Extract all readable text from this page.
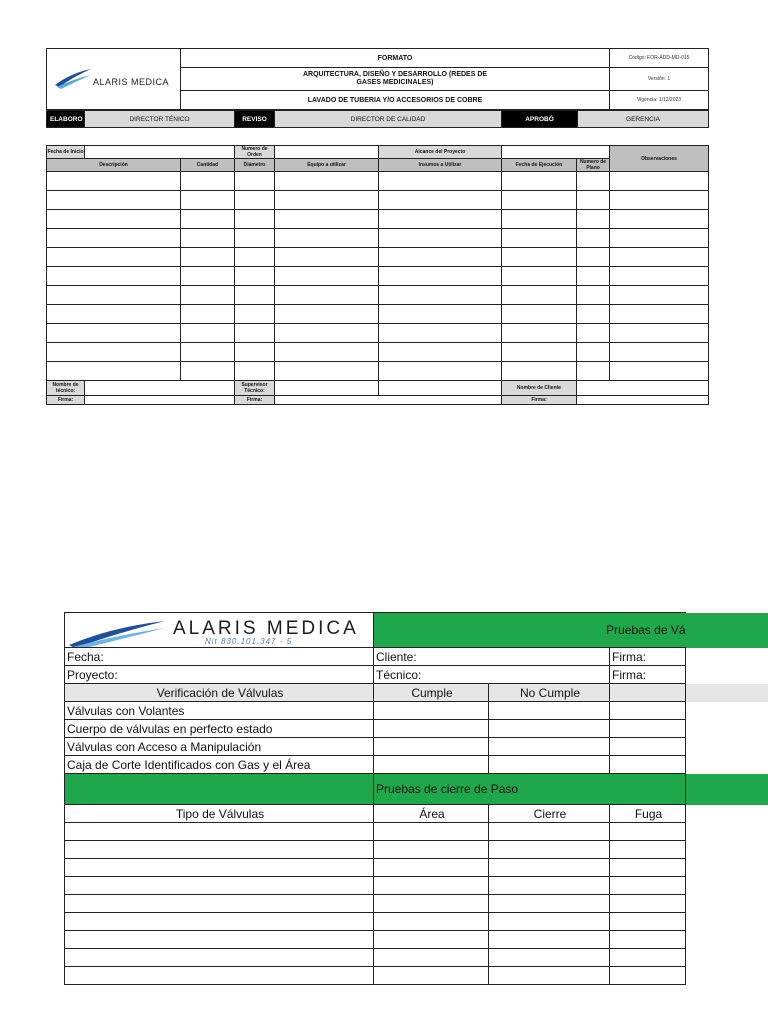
ALARIS MEDICA	FORMATO	Código: FOR-ADD-MD-015
	ARQUITECTURA, DISEÑO Y DESARROLLO (REDES DE GASES MEDICINALES)	Versión: 1
	LAVADO DE TUBERIA Y/O ACCESORIOS DE COBRE	Vigencia: 1/12/2023
ELABORO	DIRECTOR TÉNICO	REVISO	DIRECTOR DE CALIDAD	APROBÓ	GERENCIA
Fecha de Inicio			Numero de Orden		Alcance del Proyecto			Observaciones
Descripción		Cantidad	Diámetro	Equipo a utilizar	Insumos a Utilizar	Fecha de Ejecución	Numero de Plano	

Nombre de técnico:			Supervisor Técnico:			Nombre de Cliente		
Firma:			Firma:			Firma:		
ALARIS MEDICA
Nit 830.101.347 - 5	Pruebas de Vá			
Fecha:	Cliente:		Firma:	
Proyecto:	Técnico:		Firma:	
Verificación de Válvulas	Cumple	No Cumple		
Válvulas con Volantes				
Cuerpo de válvulas en perfecto estado				
Válvulas con Acceso a Manipulación				
Caja de Corte Identificados con Gas y el Área				
	Pruebas de cierre de Paso			
Tipo de Válvulas	Área	Cierre	Fuga	
